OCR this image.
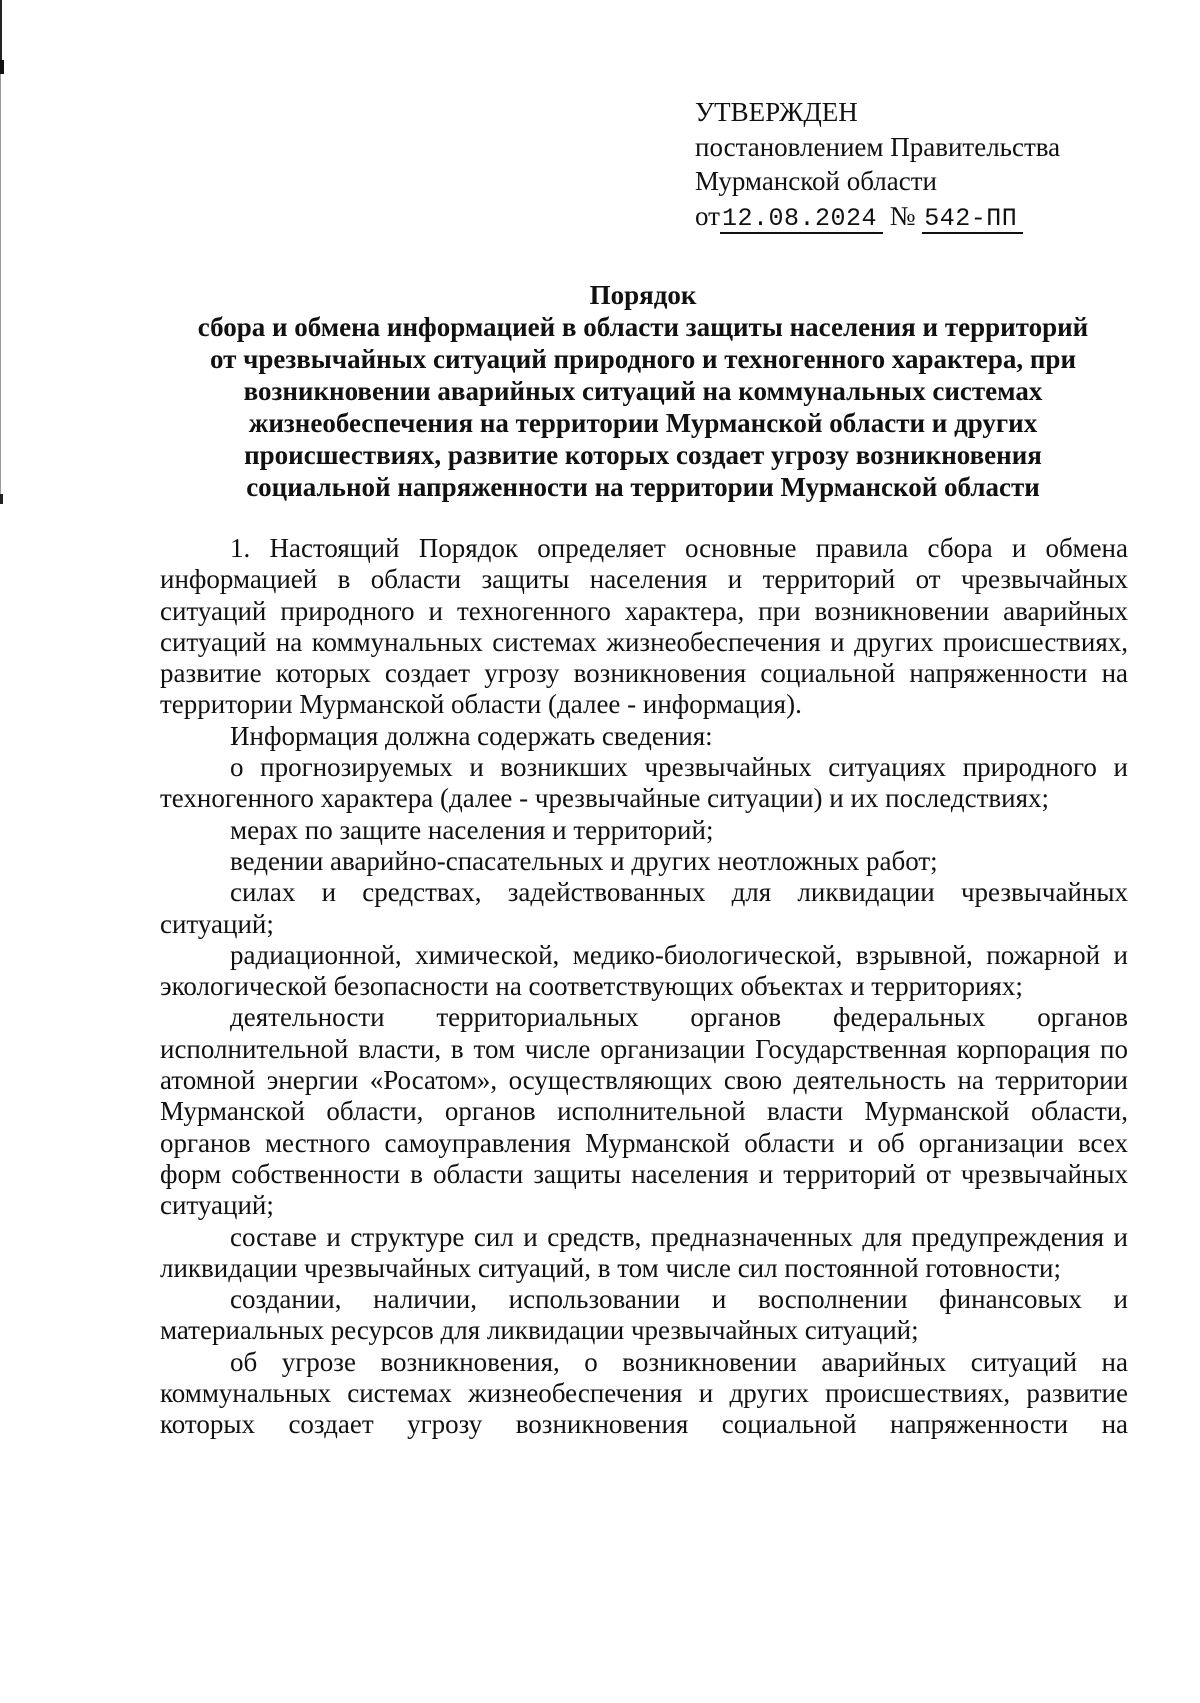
УТВЕРЖДЕН
постановлением Правительства
Мурманской области
от12.08.2024 № 542-ПП
Порядок
сбора и обмена информацией в области защиты населения и территорий
от чрезвычайных ситуаций природного и техногенного характера, при
возникновении аварийных ситуаций на коммунальных системах
жизнеобеспечения на территории Мурманской области и других
происшествиях, развитие которых создает угрозу возникновения
социальной напряженности на территории Мурманской области

1. Настоящий Порядок определяет основные правила сбора и обмена информацией в области защиты населения и территорий от чрезвычайных ситуаций природного и техногенного характера, при возникновении аварийных ситуаций на коммунальных системах жизнеобеспечения и других происшествиях, развитие которых создает угрозу возникновения социальной напряженности на территории Мурманской области (далее - информация).

Информация должна содержать сведения:

о прогнозируемых и возникших чрезвычайных ситуациях природного и техногенного характера (далее - чрезвычайные ситуации) и их последствиях;

мерах по защите населения и территорий;

ведении аварийно-спасательных и других неотложных работ;

силах и средствах, задействованных для ликвидации чрезвычайных ситуаций;

радиационной, химической, медико-биологической, взрывной, пожарной и экологической безопасности на соответствующих объектах и территориях;

деятельности территориальных органов федеральных органов исполнительной власти, в том числе организации Государственная корпорация по атомной энергии «Росатом», осуществляющих свою деятельность на территории Мурманской области, органов исполнительной власти Мурманской области, органов местного самоуправления Мурманской области и об организации всех форм собственности в области защиты населения и территорий от чрезвычайных ситуаций;

составе и структуре сил и средств, предназначенных для предупреждения и ликвидации чрезвычайных ситуаций, в том числе сил постоянной готовности;

создании, наличии, использовании и восполнении финансовых и материальных ресурсов для ликвидации чрезвычайных ситуаций;

об угрозе возникновения, о возникновении аварийных ситуаций на коммунальных системах жизнеобеспечения и других происшествиях, развитие которых создает угрозу возникновения социальной напряженности на
